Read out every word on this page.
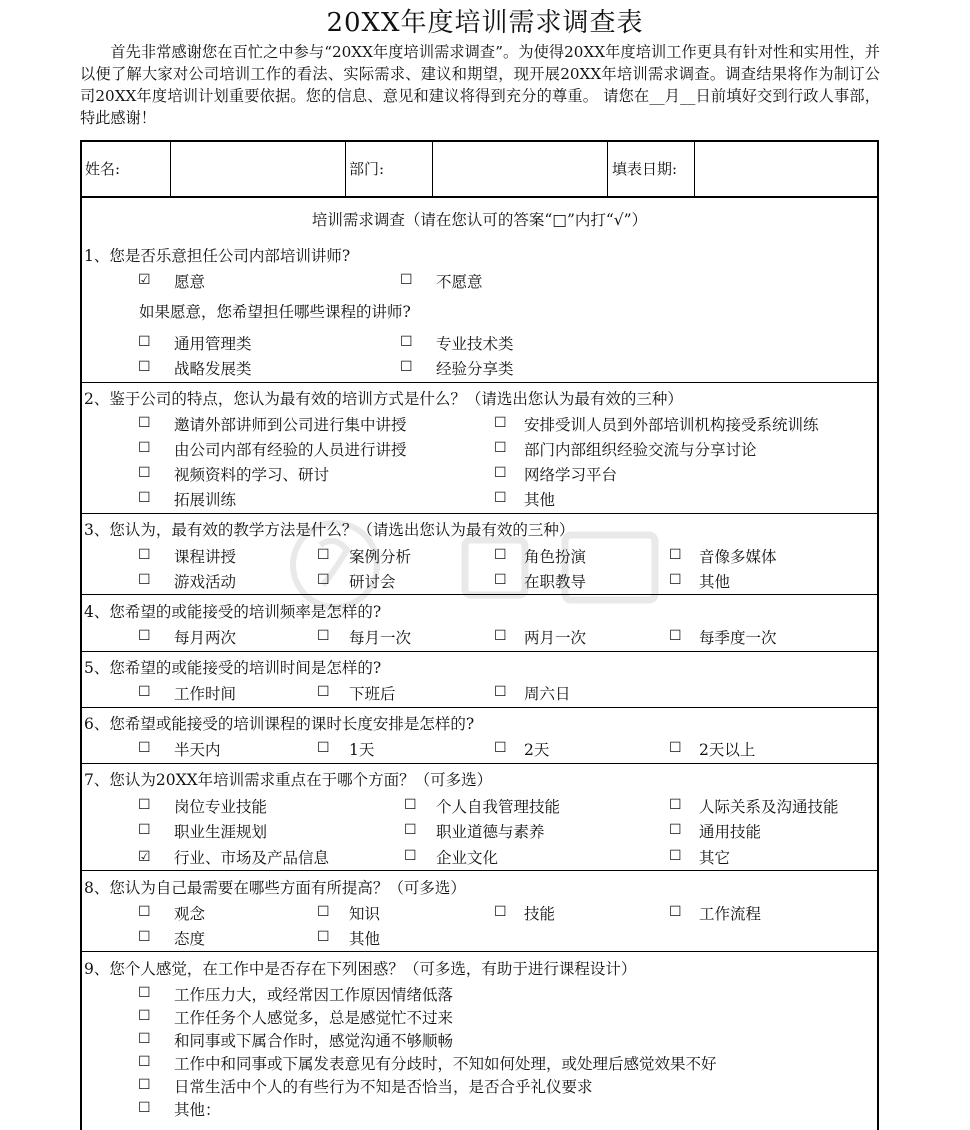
20XX年度培训需求调查表

首先非常感谢您在百忙之中参与“20XX年度培训需求调查”。为使得20XX年度培训工作更具有针对性和实用性，并以便了解大家对公司培训工作的看法、实际需求、建议和期望，现开展20XX年培训需求调查。调查结果将作为制订公司20XX年度培训计划重要依据。您的信息、意见和建议将得到充分的尊重。 请您在__月__日前填好交到行政人事部，特此感谢！

姓名:	部门:	填表日期:
培训需求调查（请在您认可的答案“□”内打“√”）
1、您是否乐意担任公司内部培训讲师?
☑ 愿意	☐ 不愿意
如果愿意，您希望担任哪些课程的讲师?
☐ 通用管理类	☐ 专业技术类
☐ 战略发展类	☐ 经验分享类
2、鉴于公司的特点，您认为最有效的培训方式是什么？（请选出您认为最有效的三种）
☐ 邀请外部讲师到公司进行集中讲授	☐ 安排受训人员到外部培训机构接受系统训练
☐ 由公司内部有经验的人员进行讲授	☐ 部门内部组织经验交流与分享讨论
☐ 视频资料的学习、研讨	☐ 网络学习平台
☐ 拓展训练	☐ 其他
3、您认为，最有效的教学方法是什么？（请选出您认为最有效的三种）
☐ 课程讲授	☐ 案例分析	☐ 角色扮演	☐ 音像多媒体
☐ 游戏活动	☐ 研讨会	☐ 在职教导	☐ 其他
4、您希望的或能接受的培训频率是怎样的?
☐ 每月两次	☐ 每月一次	☐ 两月一次	☐ 每季度一次
5、您希望的或能接受的培训时间是怎样的?
☐ 工作时间	☐ 下班后	☐ 周六日
6、您希望或能接受的培训课程的课时长度安排是怎样的?
☐ 半天内	☐ 1天	☐ 2天	☐ 2天以上
7、您认为20XX年培训需求重点在于哪个方面？（可多选）
☐ 岗位专业技能	☐ 个人自我管理技能	☐ 人际关系及沟通技能
☐ 职业生涯规划	☐ 职业道德与素养	☐ 通用技能
☑ 行业、市场及产品信息	☐ 企业文化	☐ 其它
8、您认为自己最需要在哪些方面有所提高？（可多选）
☐ 观念	☐ 知识	☐ 技能	☐ 工作流程
☐ 态度	☐ 其他
9、您个人感觉，在工作中是否存在下列困惑？（可多选，有助于进行课程设计）
☐ 工作压力大，或经常因工作原因情绪低落
☐ 工作任务个人感觉多，总是感觉忙不过来
☐ 和同事或下属合作时，感觉沟通不够顺畅
☐ 工作中和同事或下属发表意见有分歧时，不知如何处理，或处理后感觉效果不好
☐ 日常生活中个人的有些行为不知是否恰当，是否合乎礼仪要求
☐ 其他：
